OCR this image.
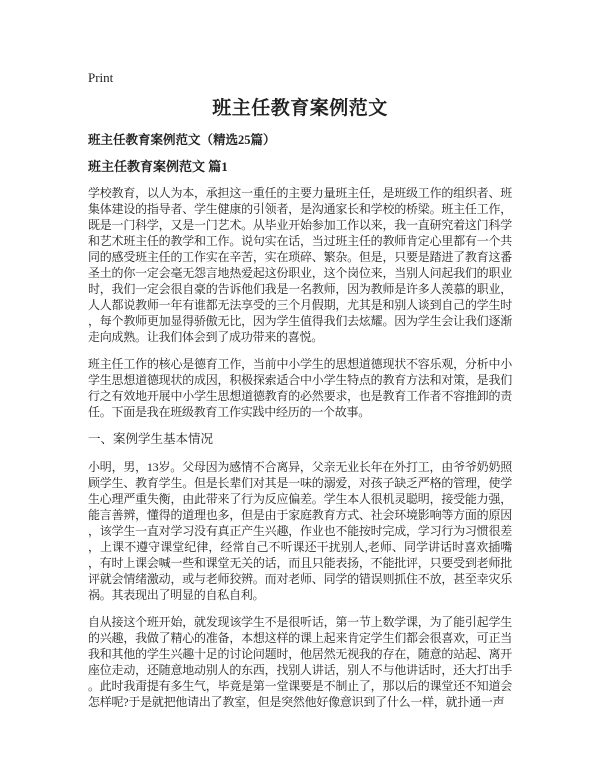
Print
班主任教育案例范文
班主任教育案例范文（精选25篇）
班主任教育案例范文 篇1

学校教育，以人为本，承担这一重任的主要力量班主任，是班级工作的组织者、班集体建设的指导者、学生健康的引领者，是沟通家长和学校的桥梁。班主任工作，既是一门科学，又是一门艺术。从毕业开始参加工作以来，我一直研究着这门科学和艺术班主任的教学和工作。说句实在话，当过班主任的教师肯定心里都有一个共同的感受班主任的工作实在辛苦，实在琐碎、繁杂。但是，只要是踏进了教育这番圣土的你一定会毫无怨言地热爱起这份职业，这个岗位来，当别人问起我们的职业时，我们一定会很自豪的告诉他们我是一名教师，因为教师是许多人羡慕的职业，人人都说教师一年有谁都无法享受的三个月假期，尤其是和别人谈到自己的学生时，每个教师更加显得骄傲无比，因为学生值得我们去炫耀。因为学生会让我们逐渐走向成熟。让我们体会到了成功带来的喜悦。

班主任工作的核心是德育工作，当前中小学生的思想道德现状不容乐观，分析中小学生思想道德现状的成因，积极探索适合中小学生特点的教育方法和对策，是我们行之有效地开展中小学生思想道德教育的必然要求，也是教育工作者不容推卸的责任。下面是我在班级教育工作实践中经历的一个故事。

一、案例学生基本情况

小明，男，13岁。父母因为感情不合离异，父亲无业长年在外打工，由爷爷奶奶照顾学生、教育学生。但是长辈们对其是一味的溺爱，对孩子缺乏严格的管理，使学生心理严重失衡，由此带来了行为反应偏差。学生本人很机灵聪明，接受能力强，能言善辨，懂得的道理也多，但是由于家庭教育方式、社会环境影响等方面的原因，该学生一直对学习没有真正产生兴趣，作业也不能按时完成，学习行为习惯很差，上课不遵守课堂纪律，经常自己不听课还干扰别人,老师、同学讲话时喜欢插嘴，有时上课会喊一些和课堂无关的话，而且只能表扬，不能批评，只要受到老师批评就会情绪激动，或与老师狡辨。而对老师、同学的错误则抓住不放，甚至幸灾乐祸。其表现出了明显的自私自利。

自从接这个班开始，就发现该学生不是很听话，第一节上数学课，为了能引起学生的兴趣，我做了精心的准备，本想这样的课上起来肯定学生们都会很喜欢，可正当我和其他的学生兴趣十足的讨论问题时，他居然无视我的存在，随意的站起、离开座位走动，还随意地动别人的东西，找别人讲话，别人不与他讲话时，还大打出手。此时我甭提有多生气，毕竟是第一堂课要是不制止了，那以后的课堂还不知道会怎样呢?于是就把他请出了教室，但是突然他好像意识到了什么一样，就扑通一声
